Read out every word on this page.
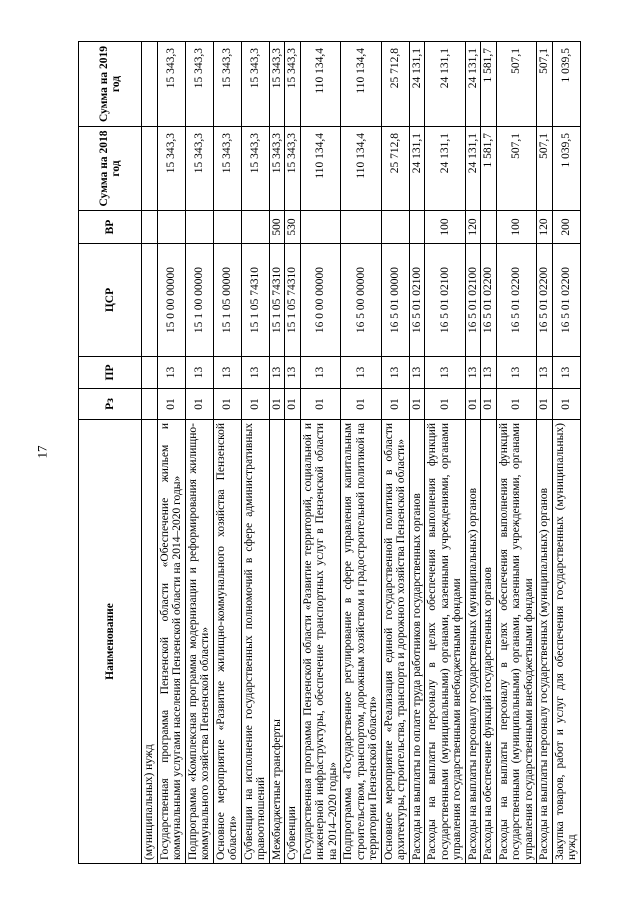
17
Наименование	Рз	ПР	ЦСР	ВР	Сумма на 2018 год	Сумма на 2019 год
(муниципальных) нужд						
Государственная программа Пензенской области «Обеспечение жильем и коммунальными услугами населения Пензенской области на 2014–2020 годы»	01	13	15 0 00 00000		15 343,3	15 343,3
Подпрограмма «Комплексная программа модернизации и реформирования жилищно-коммунального хозяйства Пензенской области»	01	13	15 1 00 00000		15 343,3	15 343,3
Основное мероприятие «Развитие жилищно-коммунального хозяйства Пензенской области»	01	13	15 1 05 00000		15 343,3	15 343,3
Субвенции на исполнение государственных полномочий в сфере административных правоотношений	01	13	15 1 05 74310		15 343,3	15 343,3
Межбюджетные трансферты	01	13	15 1 05 74310	500	15 343,3	15 343,3
Субвенции	01	13	15 1 05 74310	530	15 343,3	15 343,3
Государственная программа Пензенской области «Развитие территорий, социальной и инженерной инфраструктуры, обеспечение транспортных услуг в Пензенской области на 2014–2020 годы»	01	13	16 0 00 00000		110 134,4	110 134,4
Подпрограмма «Государственное регулирование в сфере управления капитальным строительством, транспортом, дорожным хозяйством и градостроительной политикой на территории Пензенской области»	01	13	16 5 00 00000		110 134,4	110 134,4
Основное мероприятие «Реализация единой государственной политики в области архитектуры, строительства, транспорта и дорожного хозяйства Пензенской области»	01	13	16 5 01 00000		25 712,8	25 712,8
Расходы на выплаты по оплате труда работников государственных органов	01	13	16 5 01 02100		24 131,1	24 131,1
Расходы на выплаты персоналу в целях обеспечения выполнения функций государственными (муниципальными) органами, казенными учреждениями, органами управления государственными внебюджетными фондами	01	13	16 5 01 02100	100	24 131,1	24 131,1
Расходы на выплаты персоналу государственных (муниципальных) органов	01	13	16 5 01 02100	120	24 131,1	24 131,1
Расходы на обеспечение функций государственных органов	01	13	16 5 01 02200		1 581,7	1 581,7
Расходы на выплаты персоналу в целях обеспечения выполнения функций государственными (муниципальными) органами, казенными учреждениями, органами управления государственными внебюджетными фондами	01	13	16 5 01 02200	100	507,1	507,1
Расходы на выплаты персоналу государственных (муниципальных) органов	01	13	16 5 01 02200	120	507,1	507,1
Закупка товаров, работ и услуг для обеспечения государственных (муниципальных) нужд	01	13	16 5 01 02200	200	1 039,5	1 039,5
